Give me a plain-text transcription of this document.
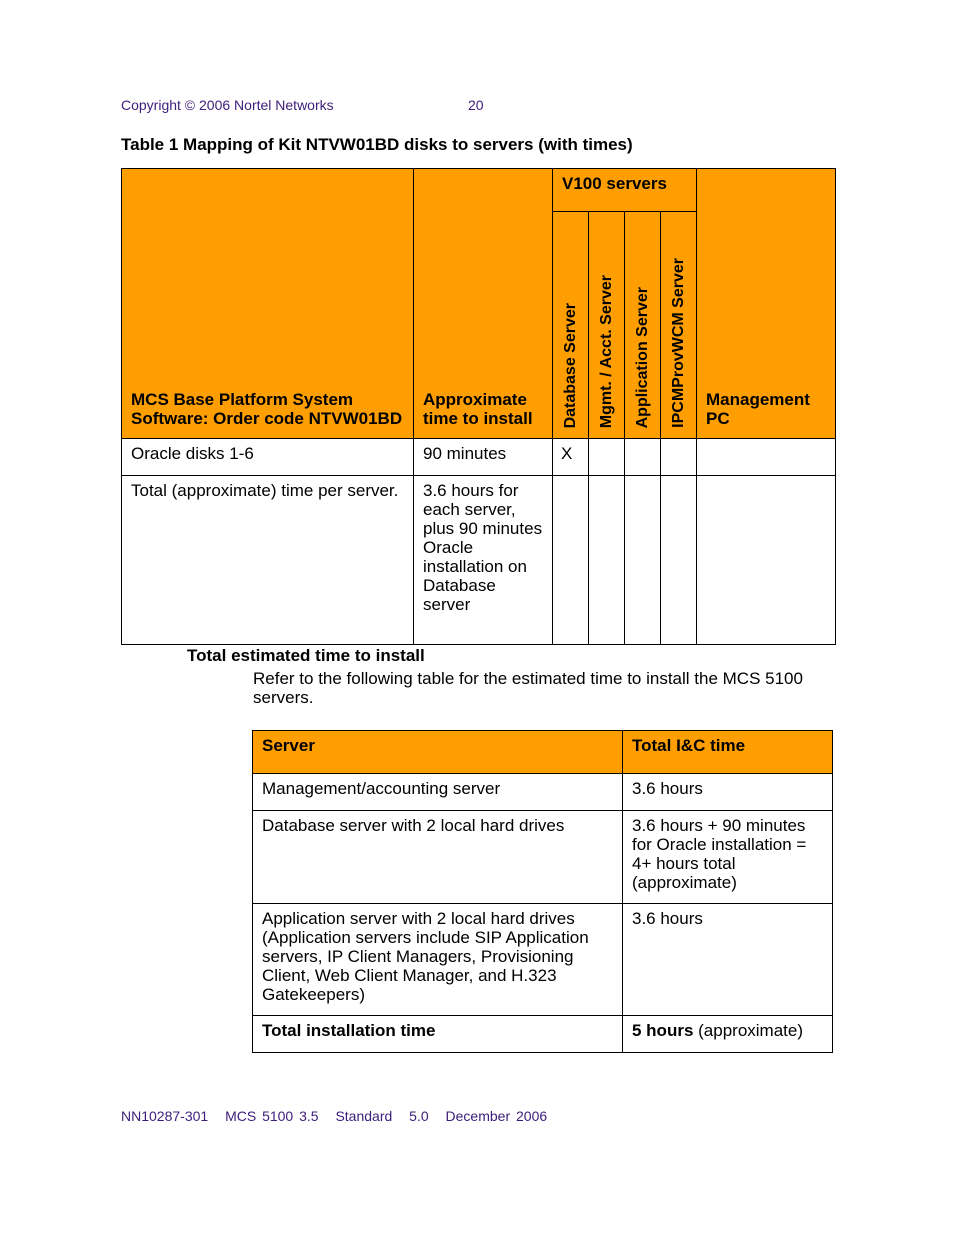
Copyright © 2006 Nortel Networks	20
Table 1 Mapping of Kit NTVW01BD disks to servers (with times)
MCS Base Platform System Software: Order code NTVW01BD	Approximate time to install	V100 servers				Management PC

		Database Server	Mgmt. / Acct. Server	Application Server	IPCMProvWCM Server	

Oracle disks 1-6	90 minutes	X				
Total (approximate) time per server.	3.6 hours for each server, plus 90 minutes Oracle installation on Database server					
Total estimated time to install
Refer to the following table for the estimated time to install the MCS 5100 servers.
Server	Total I&C time
Management/accounting server	3.6 hours
Database server with 2 local hard drives	3.6 hours + 90 minutes for Oracle installation = 4+ hours total (approximate)
Application server with 2 local hard drives (Application servers include SIP Application servers, IP Client Managers, Provisioning Client, Web Client Manager, and H.323 Gatekeepers)	3.6 hours
Total installation time	5 hours (approximate)
NN10287-301 MCS 5100 3.5 Standard 5.0 December 2006
